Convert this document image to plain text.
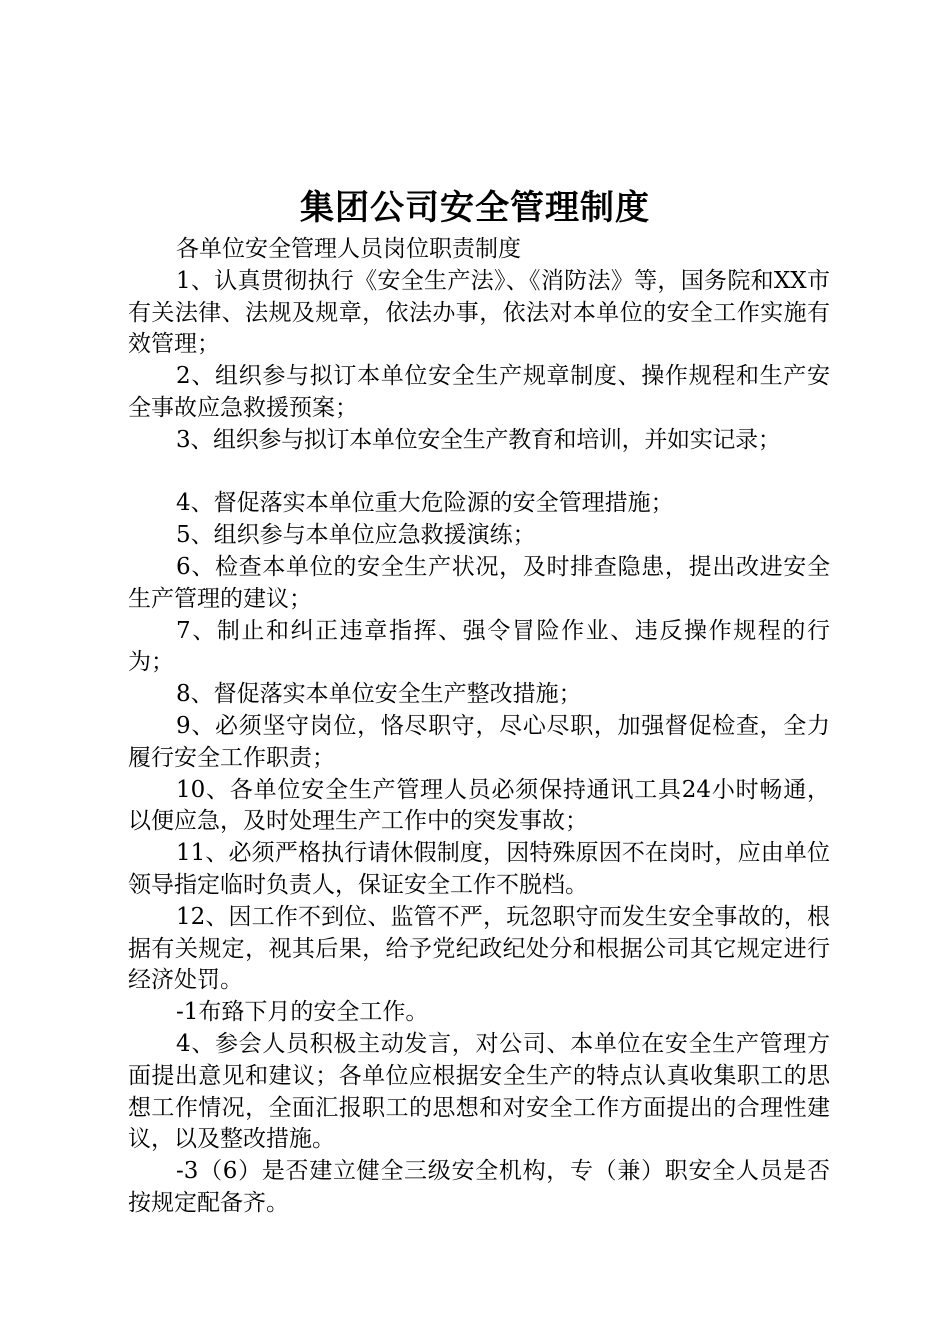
集团公司安全管理制度

各单位安全管理人员岗位职责制度

1、认真贯彻执行《安全生产法》、《消防法》等，国务院和XX市有关法律、法规及规章，依法办事，依法对本单位的安全工作实施有效管理；

2、组织参与拟订本单位安全生产规章制度、操作规程和生产安全事故应急救援预案；

3、组织参与拟订本单位安全生产教育和培训，并如实记录；

4、督促落实本单位重大危险源的安全管理措施；

5、组织参与本单位应急救援演练；

6、检查本单位的安全生产状况，及时排查隐患，提出改进安全生产管理的建议；

7、制止和纠正违章指挥、强令冒险作业、违反操作规程的行为；

8、督促落实本单位安全生产整改措施；

9、必须坚守岗位，恪尽职守，尽心尽职，加强督促检查，全力履行安全工作职责；

10、各单位安全生产管理人员必须保持通讯工具24小时畅通，以便应急，及时处理生产工作中的突发事故；

11、必须严格执行请休假制度，因特殊原因不在岗时，应由单位领导指定临时负责人，保证安全工作不脱档。

12、因工作不到位、监管不严，玩忽职守而发生安全事故的，根据有关规定，视其后果，给予党纪政纪处分和根据公司其它规定进行经济处罚。

-1布臵下月的安全工作。

4、参会人员积极主动发言，对公司、本单位在安全生产管理方面提出意见和建议；各单位应根据安全生产的特点认真收集职工的思想工作情况，全面汇报职工的思想和对安全工作方面提出的合理性建议，以及整改措施。

-3（6）是否建立健全三级安全机构，专（兼）职安全人员是否按规定配备齐。
